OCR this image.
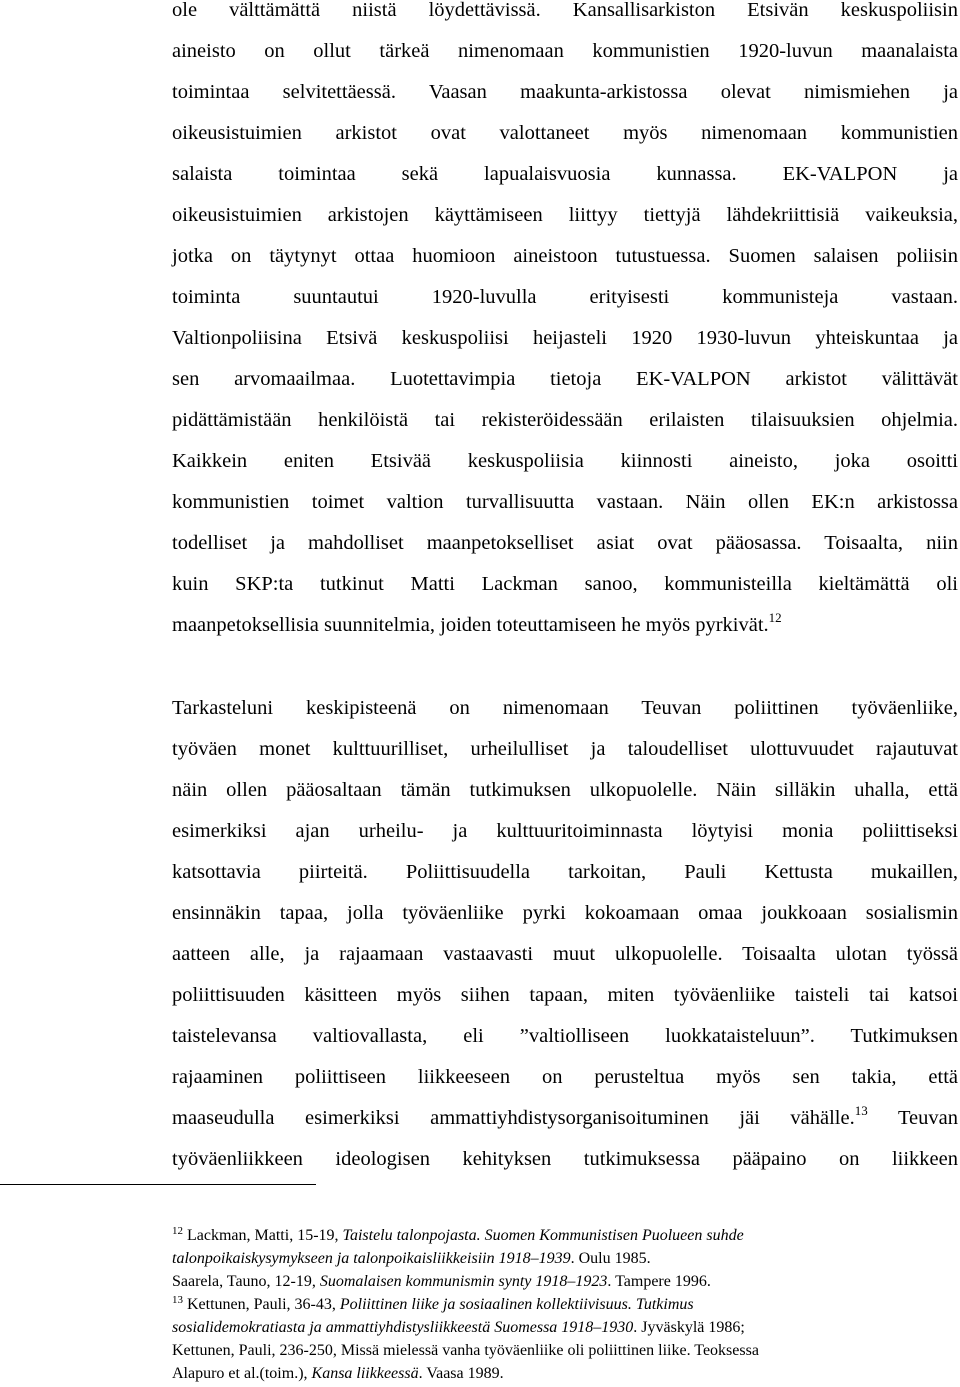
ole välttämättä niistä löydettävissä. Kansallisarkiston Etsivän keskuspoliisin
aineisto on ollut tärkeä nimenomaan kommunistien 1920-luvun maanalaista
toimintaa selvitettäessä. Vaasan maakunta-arkistossa olevat nimismiehen ja
oikeusistuimien arkistot ovat valottaneet myös nimenomaan kommunistien
salaista toimintaa sekä lapualaisvuosia kunnassa. EK-VALPON ja
oikeusistuimien arkistojen käyttämiseen liittyy tiettyjä lähdekriittisiä vaikeuksia,
jotka on täytynyt ottaa huomioon aineistoon tutustuessa. Suomen salaisen poliisin
toiminta suuntautui 1920-luvulla erityisesti kommunisteja vastaan.
Valtionpoliisina Etsivä keskuspoliisi heijasteli 1920 1930-luvun yhteiskuntaa ja
sen arvomaailmaa. Luotettavimpia tietoja EK-VALPON arkistot välittävät
pidättämistään henkilöistä tai rekisteröidessään erilaisten tilaisuuksien ohjelmia.
Kaikkein eniten Etsivää keskuspoliisia kiinnosti aineisto, joka osoitti
kommunistien toimet valtion turvallisuutta vastaan. Näin ollen EK:n arkistossa
todelliset ja mahdolliset maanpetokselliset asiat ovat pääosassa. Toisaalta, niin
kuin SKP:ta tutkinut Matti Lackman sanoo, kommunisteilla kieltämättä oli
maanpetoksellisia suunnitelmia, joiden toteuttamiseen he myös pyrkivät.$^{12}$
Tarkasteluni keskipisteenä on nimenomaan Teuvan poliittinen työväenliike,
työväen monet kulttuurilliset, urheilulliset ja taloudelliset ulottuvuudet rajautuvat
näin ollen pääosaltaan tämän tutkimuksen ulkopuolelle. Näin silläkin uhalla, että
esimerkiksi ajan urheilu- ja kulttuuritoiminnasta löytyisi monia poliittiseksi
katsottavia piirteitä. Poliittisuudella tarkoitan, Pauli Kettusta mukaillen,
ensinnäkin tapaa, jolla työväenliike pyrki kokoamaan omaa joukkoaan sosialismin
aatteen alle, ja rajaamaan vastaavasti muut ulkopuolelle. Toisaalta ulotan työssä
poliittisuuden käsitteen myös siihen tapaan, miten työväenliike taisteli tai katsoi
taistelevansa valtiovallasta, eli ”valtiolliseen luokkataisteluun”. Tutkimuksen
rajaaminen poliittiseen liikkeeseen on perusteltua myös sen takia, että
maaseudulla esimerkiksi ammattiyhdistysorganisoituminen jäi vähälle.$^{13}$ Teuvan
työväenliikkeen ideologisen kehityksen tutkimuksessa pääpaino on liikkeen
$^{12}$ Lackman, Matti, 15-19, Taistelu talonpojasta. Suomen Kommunistisen Puolueen suhde
talonpoikaiskysymykseen ja talonpoikaisliikkeisiin 1918–1939. Oulu 1985.
Saarela, Tauno, 12-19, Suomalaisen kommunismin synty 1918–1923. Tampere 1996.
$^{13}$ Kettunen, Pauli, 36-43, Poliittinen liike ja sosiaalinen kollektiivisuus. Tutkimus
sosialidemokratiasta ja ammattiyhdistysliikkeestä Suomessa 1918–1930. Jyväskylä 1986;
Kettunen, Pauli, 236-250, Missä mielessä vanha työväenliike oli poliittinen liike. Teoksessa
Alapuro et al.(toim.), Kansa liikkeessä. Vaasa 1989.
